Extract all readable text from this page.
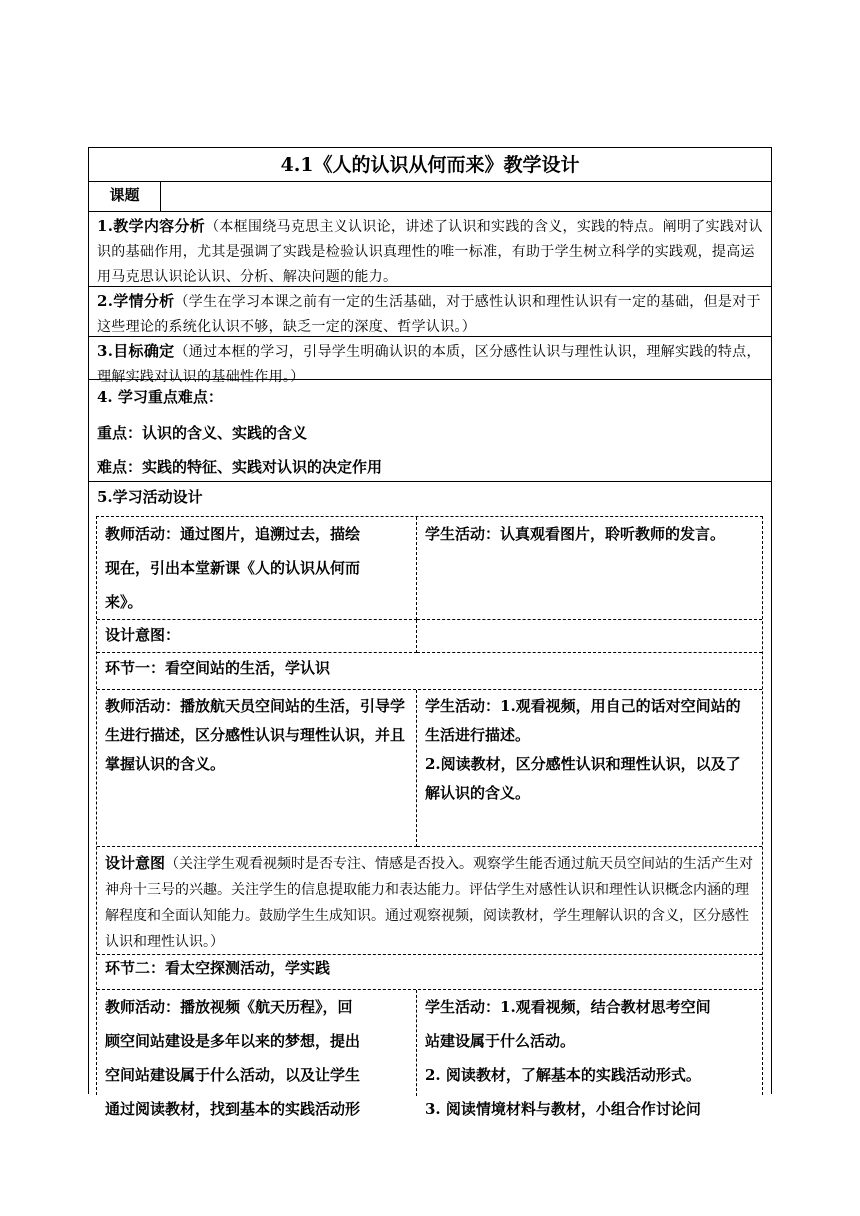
4.1《人的认识从何而来》教学设计
课题
1.教学内容分析（本框围绕马克思主义认识论，讲述了认识和实践的含义，实践的特点。阐明了实践对认识的基础作用，尤其是强调了实践是检验认识真理性的唯一标准，有助于学生树立科学的实践观，提高运用马克思认识论认识、分析、解决问题的能力。
2.学情分析（学生在学习本课之前有一定的生活基础，对于感性认识和理性认识有一定的基础，但是对于这些理论的系统化认识不够，缺乏一定的深度、哲学认识。）
3.目标确定（通过本框的学习，引导学生明确认识的本质，区分感性认识与理性认识，理解实践的特点，理解实践对认识的基础性作用。）
4. 学习重点难点：
重点：认识的含义、实践的含义
难点：实践的特征、实践对认识的决定作用
5.学习活动设计
教师活动：通过图片，追溯过去，描绘
现在，引出本堂新课《人的认识从何而
来》。
学生活动：认真观看图片，聆听教师的发言。
设计意图：
环节一：看空间站的生活，学认识
教师活动：播放航天员空间站的生活，引导学生进行描述，区分感性认识与理性认识，并且掌握认识的含义。
学生活动：1.观看视频，用自己的话对空间站的生活进行描述。
2.阅读教材，区分感性认识和理性认识，以及了解认识的含义。
设计意图（关注学生观看视频时是否专注、情感是否投入。观察学生能否通过航天员空间站的生活产生对神舟十三号的兴趣。关注学生的信息提取能力和表达能力。评估学生对感性认识和理性认识概念内涵的理解程度和全面认知能力。鼓励学生生成知识。通过观察视频，阅读教材，学生理解认识的含义，区分感性认识和理性认识。）
环节二：看太空探测活动，学实践
教师活动：播放视频《航天历程》，回
顾空间站建设是多年以来的梦想，提出
空间站建设属于什么活动，以及让学生
通过阅读教材，找到基本的实践活动形
学生活动：1.观看视频，结合教材思考空间
站建设属于什么活动。
2. 阅读教材，了解基本的实践活动形式。
3. 阅读情境材料与教材，小组合作讨论问
